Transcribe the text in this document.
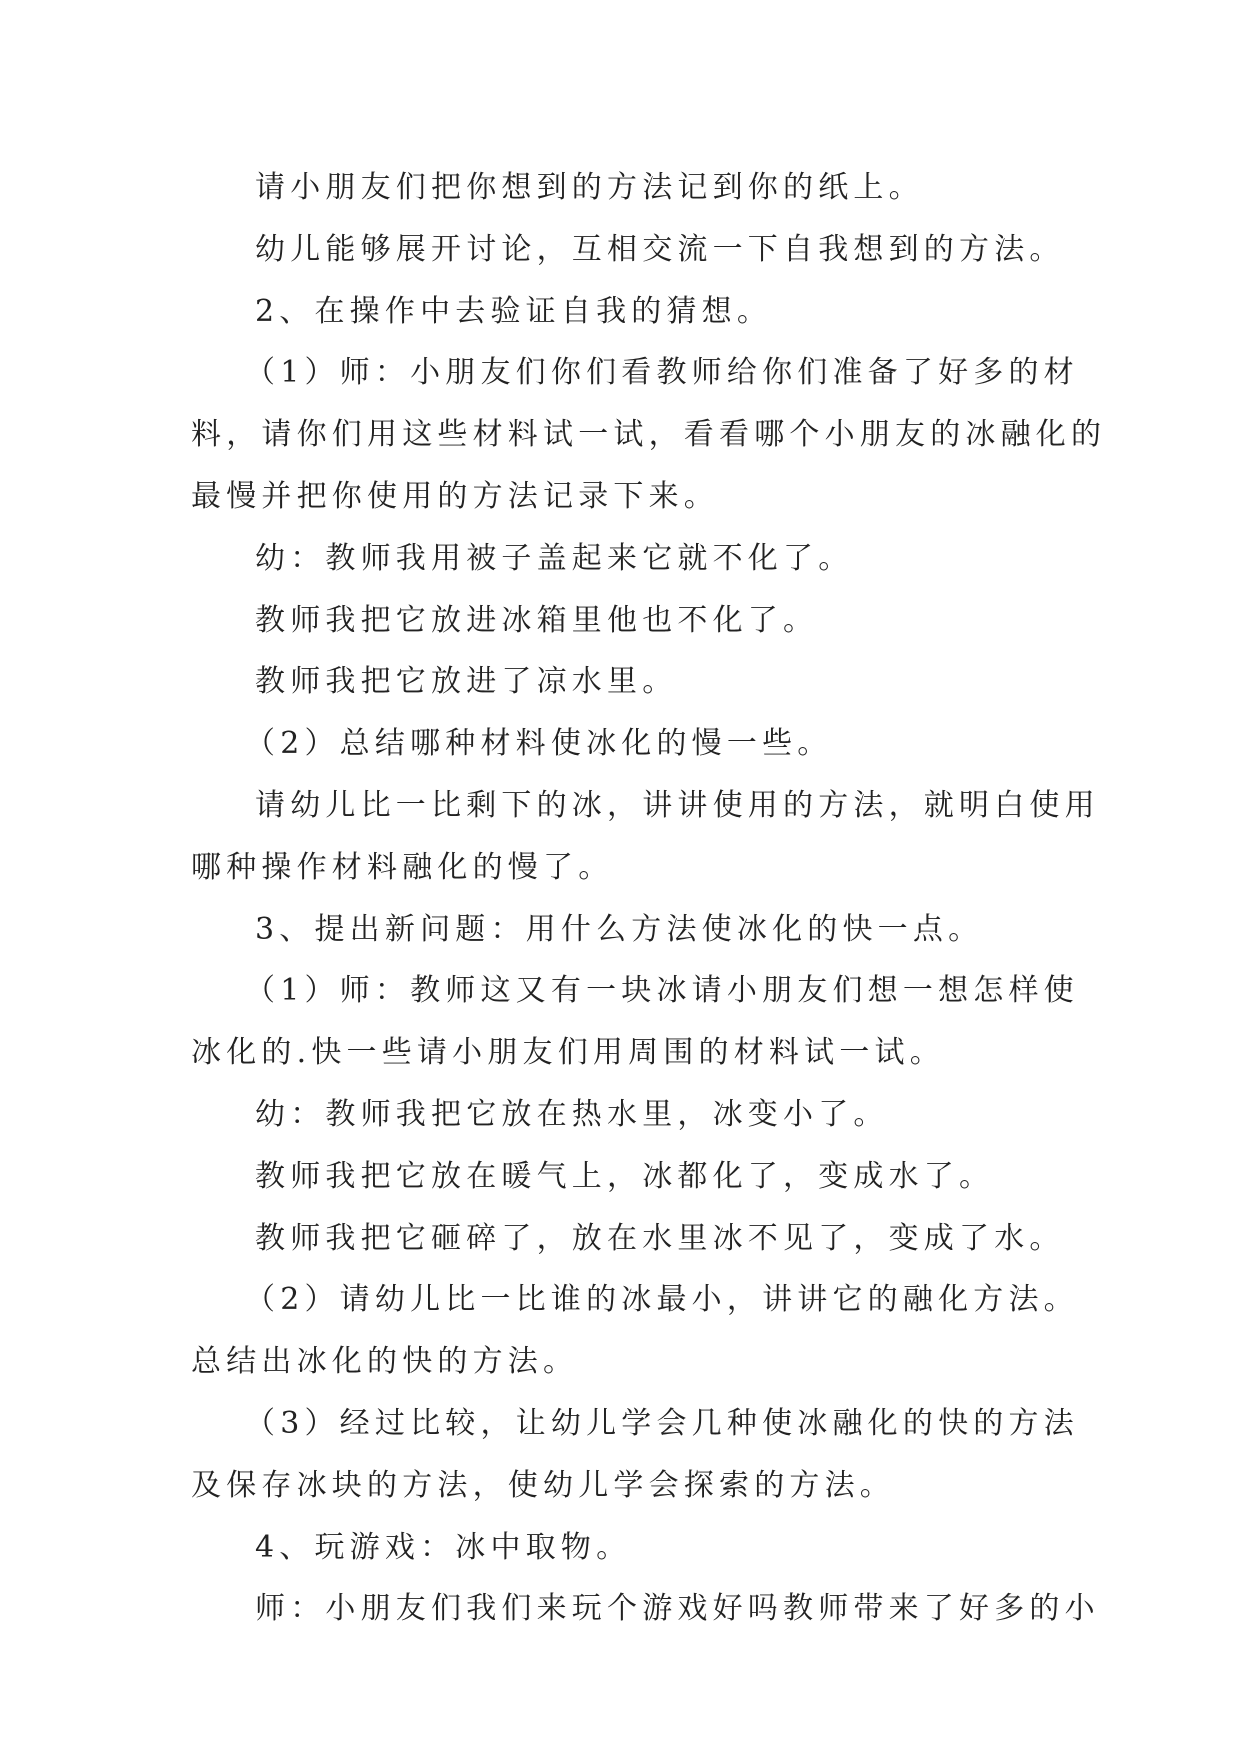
请小朋友们把你想到的方法记到你的纸上。
幼儿能够展开讨论，互相交流一下自我想到的方法。
2、在操作中去验证自我的猜想。
（1）师：小朋友们你们看教师给你们准备了好多的材
料，请你们用这些材料试一试，看看哪个小朋友的冰融化的
最慢并把你使用的方法记录下来。
幼：教师我用被子盖起来它就不化了。
教师我把它放进冰箱里他也不化了。
教师我把它放进了凉水里。
（2）总结哪种材料使冰化的慢一些。
请幼儿比一比剩下的冰，讲讲使用的方法，就明白使用
哪种操作材料融化的慢了。
3、提出新问题：用什么方法使冰化的快一点。
（1）师：教师这又有一块冰请小朋友们想一想怎样使
冰化的.快一些请小朋友们用周围的材料试一试。
幼：教师我把它放在热水里，冰变小了。
教师我把它放在暖气上，冰都化了，变成水了。
教师我把它砸碎了，放在水里冰不见了，变成了水。
（2）请幼儿比一比谁的冰最小，讲讲它的融化方法。
总结出冰化的快的方法。
（3）经过比较，让幼儿学会几种使冰融化的快的方法
及保存冰块的方法，使幼儿学会探索的方法。
4、玩游戏：冰中取物。
师：小朋友们我们来玩个游戏好吗教师带来了好多的小
